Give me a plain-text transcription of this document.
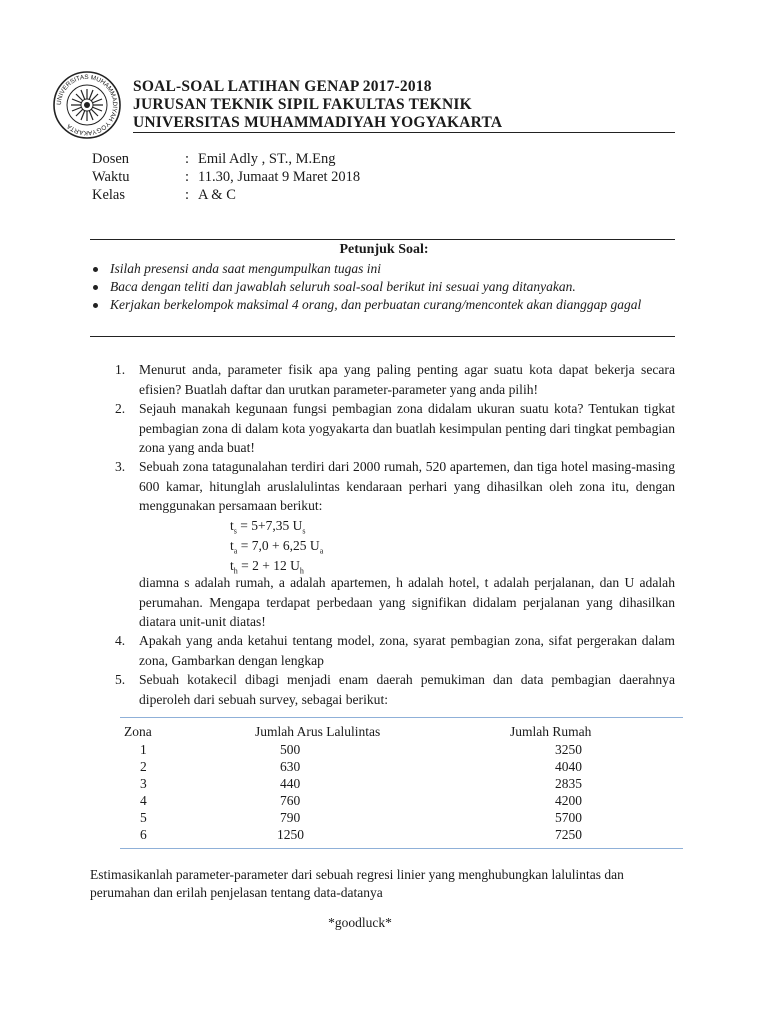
UNIVERSITAS MUHAMMADIYAH YOGYAKARTA
SOAL-SOAL LATIHAN GENAP 2017-2018
JURUSAN TEKNIK SIPIL FAKULTAS TEKNIK
UNIVERSITAS MUHAMMADIYAH YOGYAKARTA
Dosen	: Emil Adly , ST., M.Eng
Waktu	: 11.30, Jumaat 9 Maret 2018
Kelas	: A & C
Petunjuk Soal:
Isilah presensi anda saat mengumpulkan tugas ini
Baca dengan teliti dan jawablah seluruh soal-soal berikut ini sesuai yang ditanyakan.
Kerjakan berkelompok maksimal 4 orang, dan perbuatan curang/mencontek akan dianggap gagal
1. Menurut anda, parameter fisik apa yang paling penting agar suatu kota dapat bekerja secara efisien? Buatlah daftar dan urutkan parameter-parameter yang anda pilih!
2. Sejauh manakah kegunaan fungsi pembagian zona didalam ukuran suatu kota? Tentukan tigkat pembagian zona di dalam kota yogyakarta dan buatlah kesimpulan penting dari tingkat pembagian zona yang anda buat!
3. Sebuah zona tatagunalahan terdiri dari 2000 rumah, 520 apartemen, dan tiga hotel masing-masing 600 kamar, hitunglah aruslalulintas kendaraan perhari yang dihasilkan oleh zona itu, dengan menggunakan persamaan berikut:
$t_s = 5+7,35$ $U_s$
$t_a = 7,0 + 6,25$ $U_a$
$t_h = 2 + 12$ $U_h$
diamna s adalah rumah, a adalah apartemen, h adalah hotel, t adalah perjalanan, dan U adalah perumahan. Mengapa terdapat perbedaan yang signifikan didalam perjalanan yang dihasilkan diatara unit-unit diatas!
4. Apakah yang anda ketahui tentang model, zona, syarat pembagian zona, sifat pergerakan dalam zona, Gambarkan dengan lengkap
5. Sebuah kotakecil dibagi menjadi enam daerah pemukiman dan data pembagian daerahnya diperoleh dari sebuah survey, sebagai berikut:
Zona	Jumlah Arus Lalulintas	Jumlah Rumah
1	500	3250
2	630	4040
3	440	2835
4	760	4200
5	790	5700
6	1250	7250
Estimasikanlah parameter-parameter dari sebuah regresi linier yang menghubungkan lalulintas dan perumahan dan erilah penjelasan tentang data-datanya
*goodluck*
